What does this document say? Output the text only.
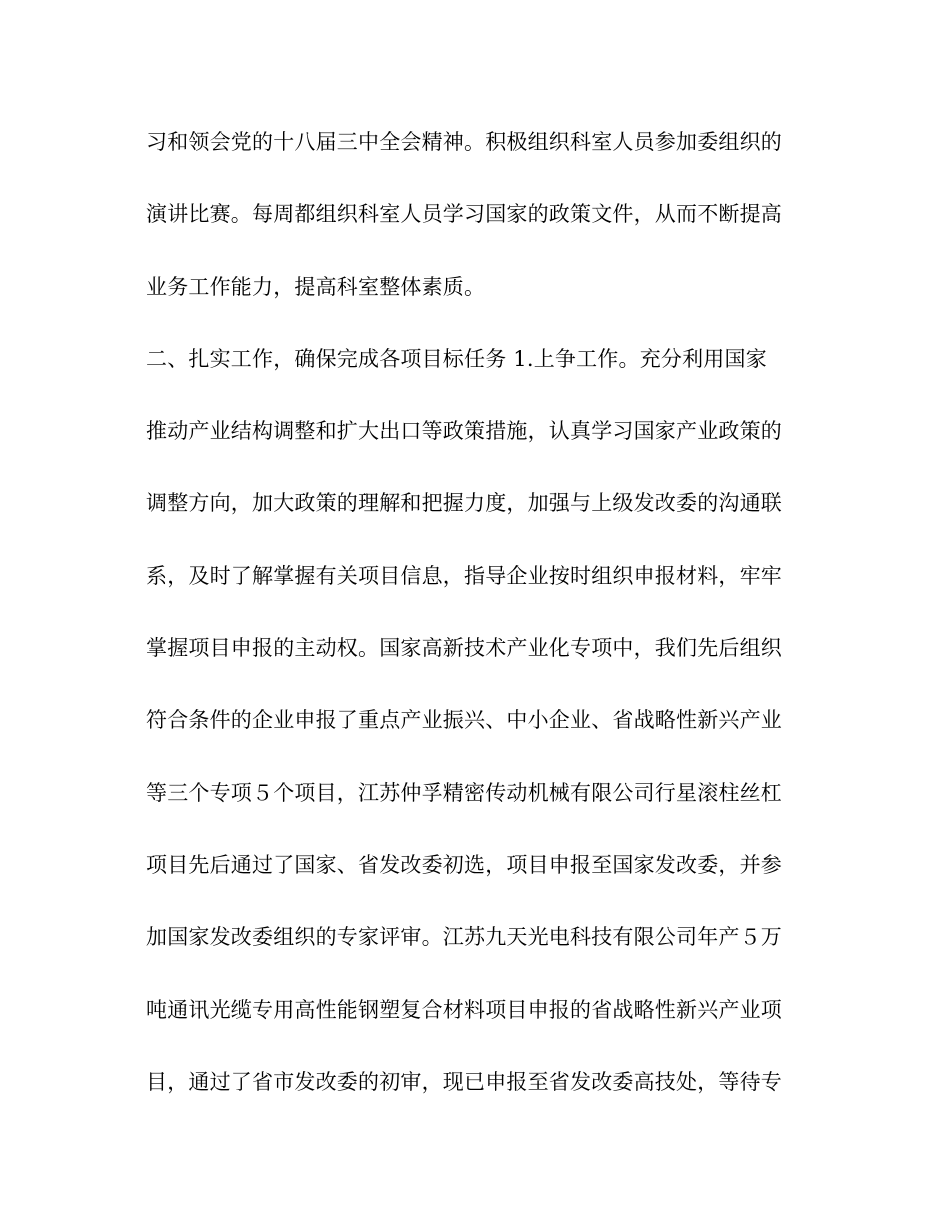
习和领会党的十八届三中全会精神。积极组织科室人员参加委组织的
演讲比赛。每周都组织科室人员学习国家的政策文件，从而不断提高
业务工作能力，提高科室整体素质。
二、扎实工作，确保完成各项目标任务 1.上争工作。充分利用国家
推动产业结构调整和扩大出口等政策措施，认真学习国家产业政策的
调整方向，加大政策的理解和把握力度，加强与上级发改委的沟通联
系，及时了解掌握有关项目信息，指导企业按时组织申报材料，牢牢
掌握项目申报的主动权。国家高新技术产业化专项中，我们先后组织
符合条件的企业申报了重点产业振兴、中小企业、省战略性新兴产业
等三个专项５个项目，江苏仲孚精密传动机械有限公司行星滚柱丝杠
项目先后通过了国家、省发改委初选，项目申报至国家发改委，并参
加国家发改委组织的专家评审。江苏九天光电科技有限公司年产５万
吨通讯光缆专用高性能钢塑复合材料项目申报的省战略性新兴产业项
目，通过了省市发改委的初审，现已申报至省发改委高技处，等待专
